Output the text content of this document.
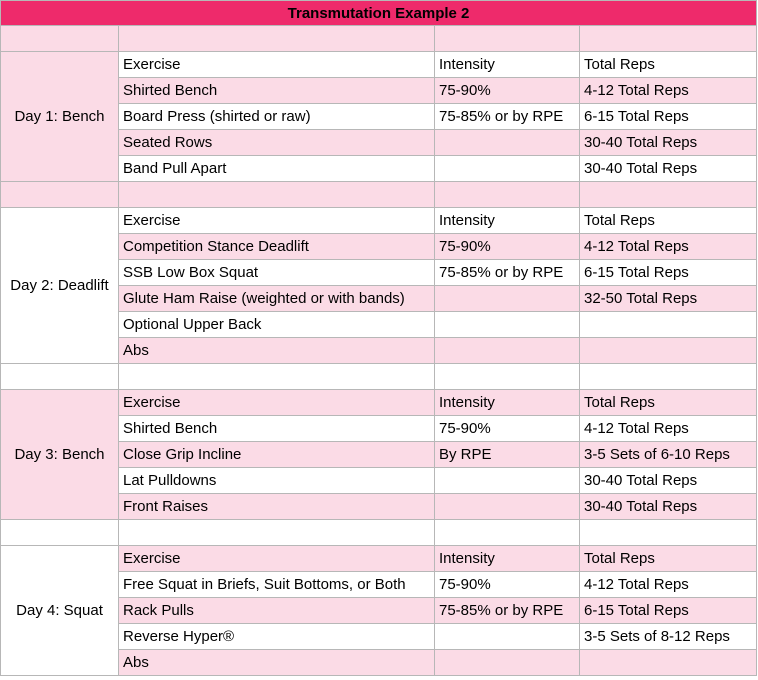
Transmutation Example 2			

Day 1: Bench	Exercise	Intensity	Total Reps
	Shirted Bench	75-90%	4-12 Total Reps
	Board Press (shirted or raw)	75-85% or by RPE	6-15 Total Reps
	Seated Rows		30-40 Total Reps
	Band Pull Apart		30-40 Total Reps

Day 2: Deadlift	Exercise	Intensity	Total Reps
	Competition Stance Deadlift	75-90%	4-12 Total Reps
	SSB Low Box Squat	75-85% or by RPE	6-15 Total Reps
	Glute Ham Raise (weighted or with bands)		32-50 Total Reps
	Optional Upper Back		
	Abs		

Day 3: Bench	Exercise	Intensity	Total Reps
	Shirted Bench	75-90%	4-12 Total Reps
	Close Grip Incline	By RPE	3-5 Sets of 6-10 Reps
	Lat Pulldowns		30-40 Total Reps
	Front Raises		30-40 Total Reps

Day 4: Squat	Exercise	Intensity	Total Reps
	Free Squat in Briefs, Suit Bottoms, or Both	75-90%	4-12 Total Reps
	Rack Pulls	75-85% or by RPE	6-15 Total Reps
	Reverse Hyper®		3-5 Sets of 8-12 Reps
	Abs		
